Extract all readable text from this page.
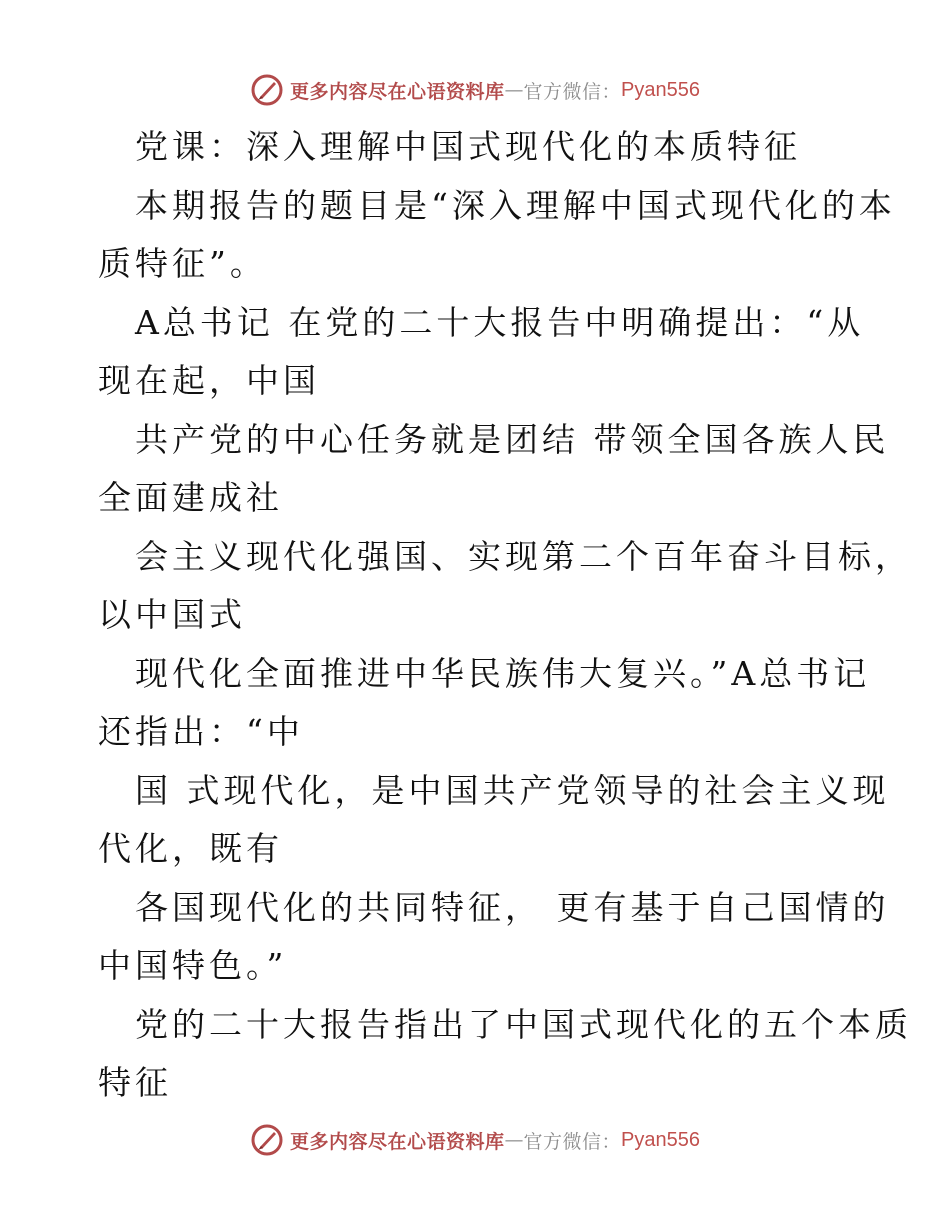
更多内容尽在心语资料库 — 官方微信： Pyan556
党课：深入理解中国式现代化的本质特征
本期报告的题目是“深入理解中国式现代化的本
质特征”。
A总书记 在党的二十大报告中明确提出：“从
现在起，中国
共产党的中心任务就是团结 带领全国各族人民
全面建成社
会主义现代化强国、实现第二个百年奋斗目标，
以中国式
现代化全面推进中华民族伟大复兴。”A总书记
还指出：“中
国 式现代化，是中国共产党领导的社会主义现
代化，既有
各国现代化的共同特征， 更有基于自己国情的
中国特色。”
党的二十大报告指出了中国式现代化的五个本质
特征
更多内容尽在心语资料库 — 官方微信： Pyan556
